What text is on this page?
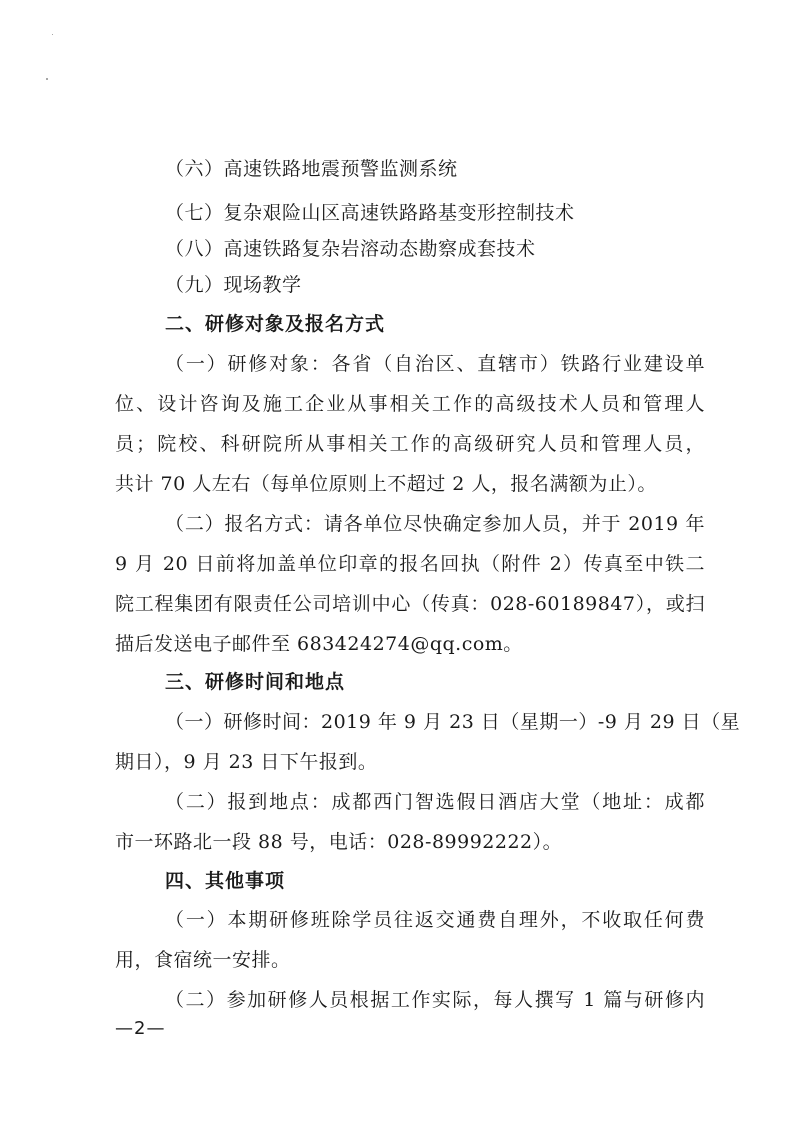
（六）高速铁路地震预警监测系统
（七）复杂艰险山区高速铁路路基变形控制技术
（八）高速铁路复杂岩溶动态勘察成套技术
（九）现场教学
二、研修对象及报名方式
（一）研修对象：各省（自治区、直辖市）铁路行业建设单
位、设计咨询及施工企业从事相关工作的高级技术人员和管理人
员；院校、科研院所从事相关工作的高级研究人员和管理人员，
共计 70 人左右（每单位原则上不超过 2 人，报名满额为止）。
（二）报名方式：请各单位尽快确定参加人员，并于 2019 年
9 月 20 日前将加盖单位印章的报名回执（附件 2）传真至中铁二
院工程集团有限责任公司培训中心（传真：028-60189847），或扫
描后发送电子邮件至 683424274@qq.com。
三、研修时间和地点
（一）研修时间：2019 年 9 月 23 日（星期一）-9 月 29 日（星
期日），9 月 23 日下午报到。
（二）报到地点：成都西门智选假日酒店大堂（地址：成都
市一环路北一段 88 号，电话：028-89992222）。
四、其他事项
（一）本期研修班除学员往返交通费自理外，不收取任何费
用，食宿统一安排。
（二）参加研修人员根据工作实际，每人撰写 1 篇与研修内
—2—
